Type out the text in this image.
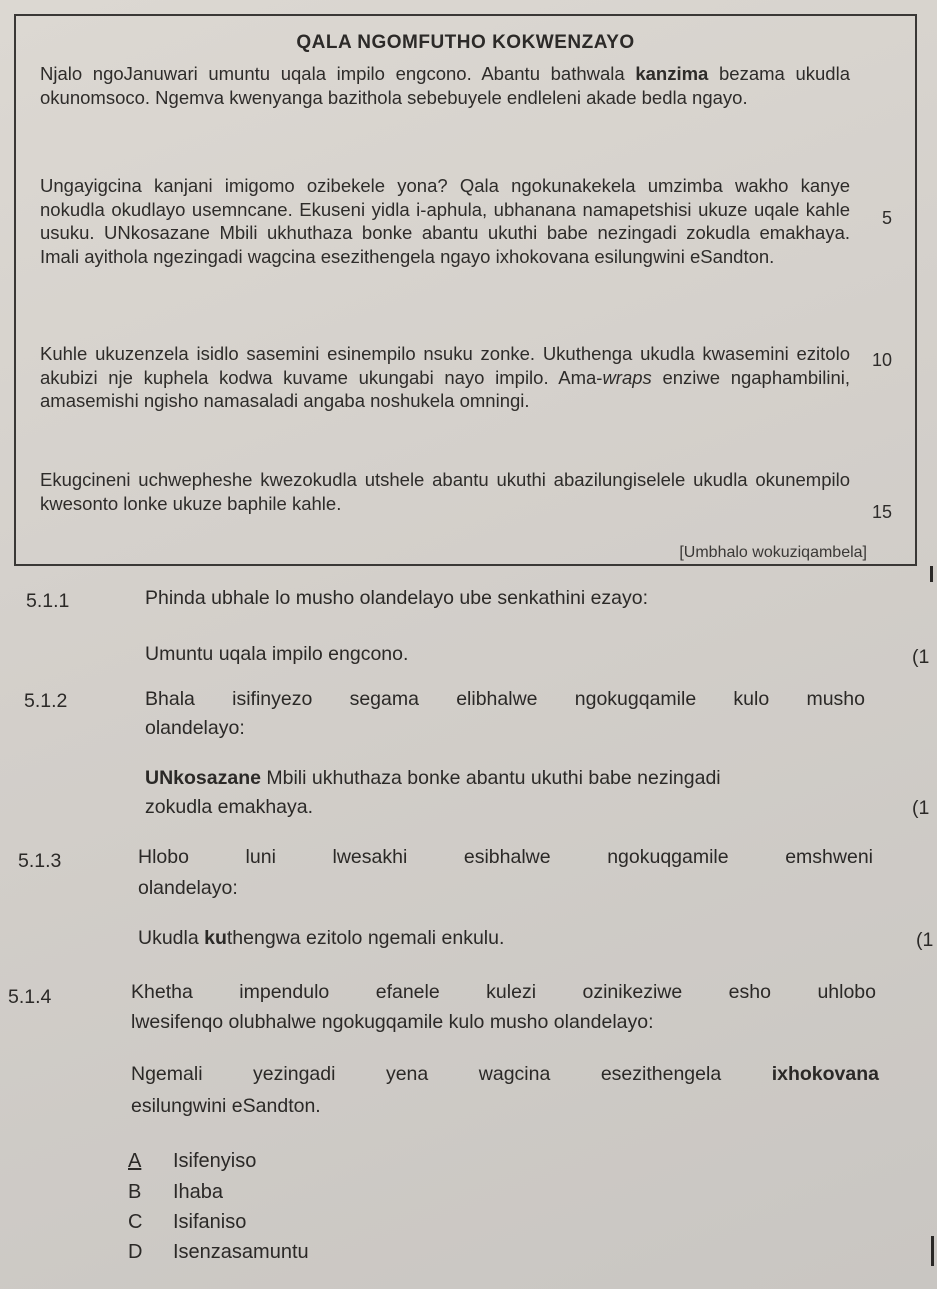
QALA NGOMFUTHO KOKWENZAYO
Njalo ngoJanuwari umuntu uqala impilo engcono. Abantu bathwala kanzima bezama ukudla okunomsoco. Ngemva kwenyanga bazithola sebebuyele endleleni akade bedla ngayo.
Ungayigcina kanjani imigomo ozibekele yona? Qala ngokunakekela umzimba wakho kanye nokudla okudlayo usemncane. Ekuseni yidla i-aphula, ubhanana namapetshisi ukuze uqale kahle usuku. UNkosazane Mbili ukhuthaza bonke abantu ukuthi babe nezingadi zokudla emakhaya. Imali ayithola ngezingadi wagcina esezithengela ngayo ixhokovana esilungwini eSandton.
Kuhle ukuzenzela isidlo sasemini esinempilo nsuku zonke. Ukuthenga ukudla kwasemini ezitolo akubizi nje kuphela kodwa kuvame ukungabi nayo impilo. Ama-wraps enziwe ngaphambilini, amasemishi ngisho namasaladi angaba noshukela omningi.
Ekugcineni uchwepheshe kwezokudla utshele abantu ukuthi abazilungiselele ukudla okunempilo kwesonto lonke ukuze baphile kahle.
5
10
15
[Umbhalo wokuziqambela]
5.1.1	Phinda ubhale lo musho olandelayo ube senkathini ezayo:
Umuntu uqala impilo engcono.	(1
5.1.2	Bhala isifinyezo segama elibhalwe ngokugqamile kulo musho
olandelayo:
UNkosazane Mbili ukhuthaza bonke abantu ukuthi babe nezingadi
zokudla emakhaya.	(1
5.1.3	Hlobo luni lwesakhi esibhalwe ngokuqgamile emshweni
olandelayo:
Ukudla kuthengwa ezitolo ngemali enkulu.	(1
5.1.4	Khetha impendulo efanele kulezi ozinikeziwe esho uhlobo
lwesifenqo olubhalwe ngokugqamile kulo musho olandelayo:
Ngemali yezingadi yena wagcina esezithengela ixhokovana
esilungwini eSandton.
A Isifenyiso
B Ihaba
C Isifaniso
D Isenzasamuntu
